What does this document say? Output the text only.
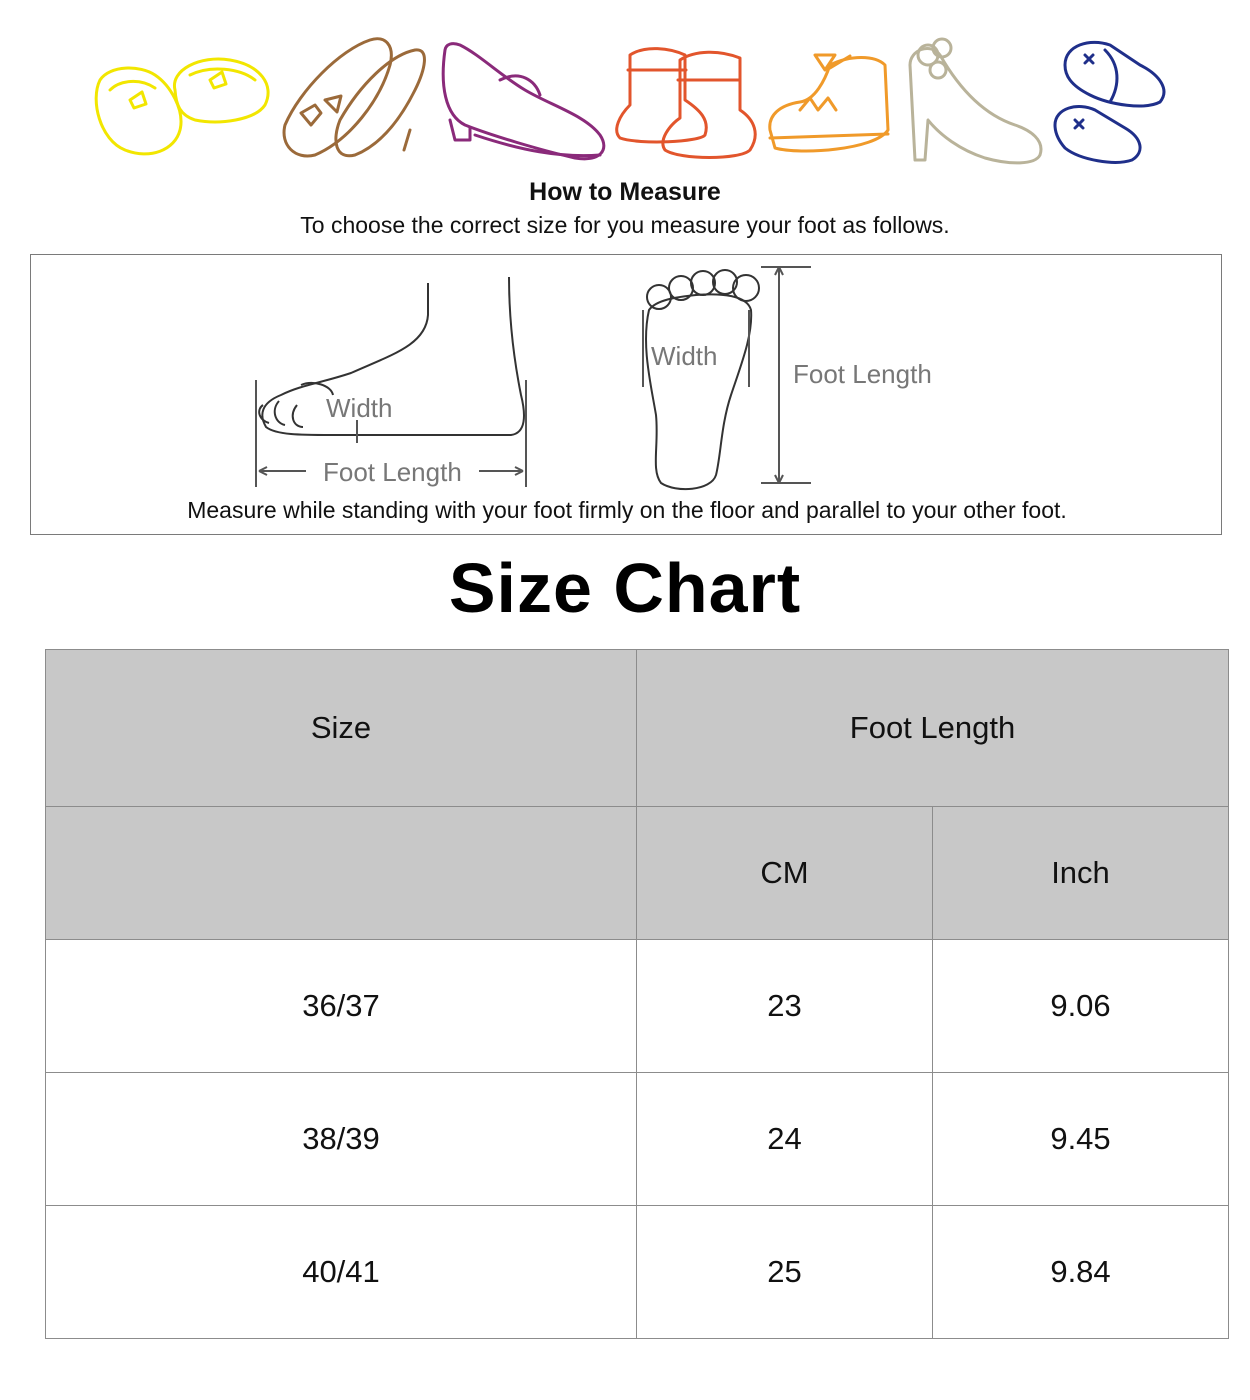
How to Measure
To choose the correct size for you measure your foot as follows.
Width
Foot Length
Width
Foot Length
Measure while standing with your foot firmly on the floor and parallel to your other foot.
Size Chart
Size	Foot Length	
	CM	Inch
36/37	23	9.06
38/39	24	9.45
40/41	25	9.84
